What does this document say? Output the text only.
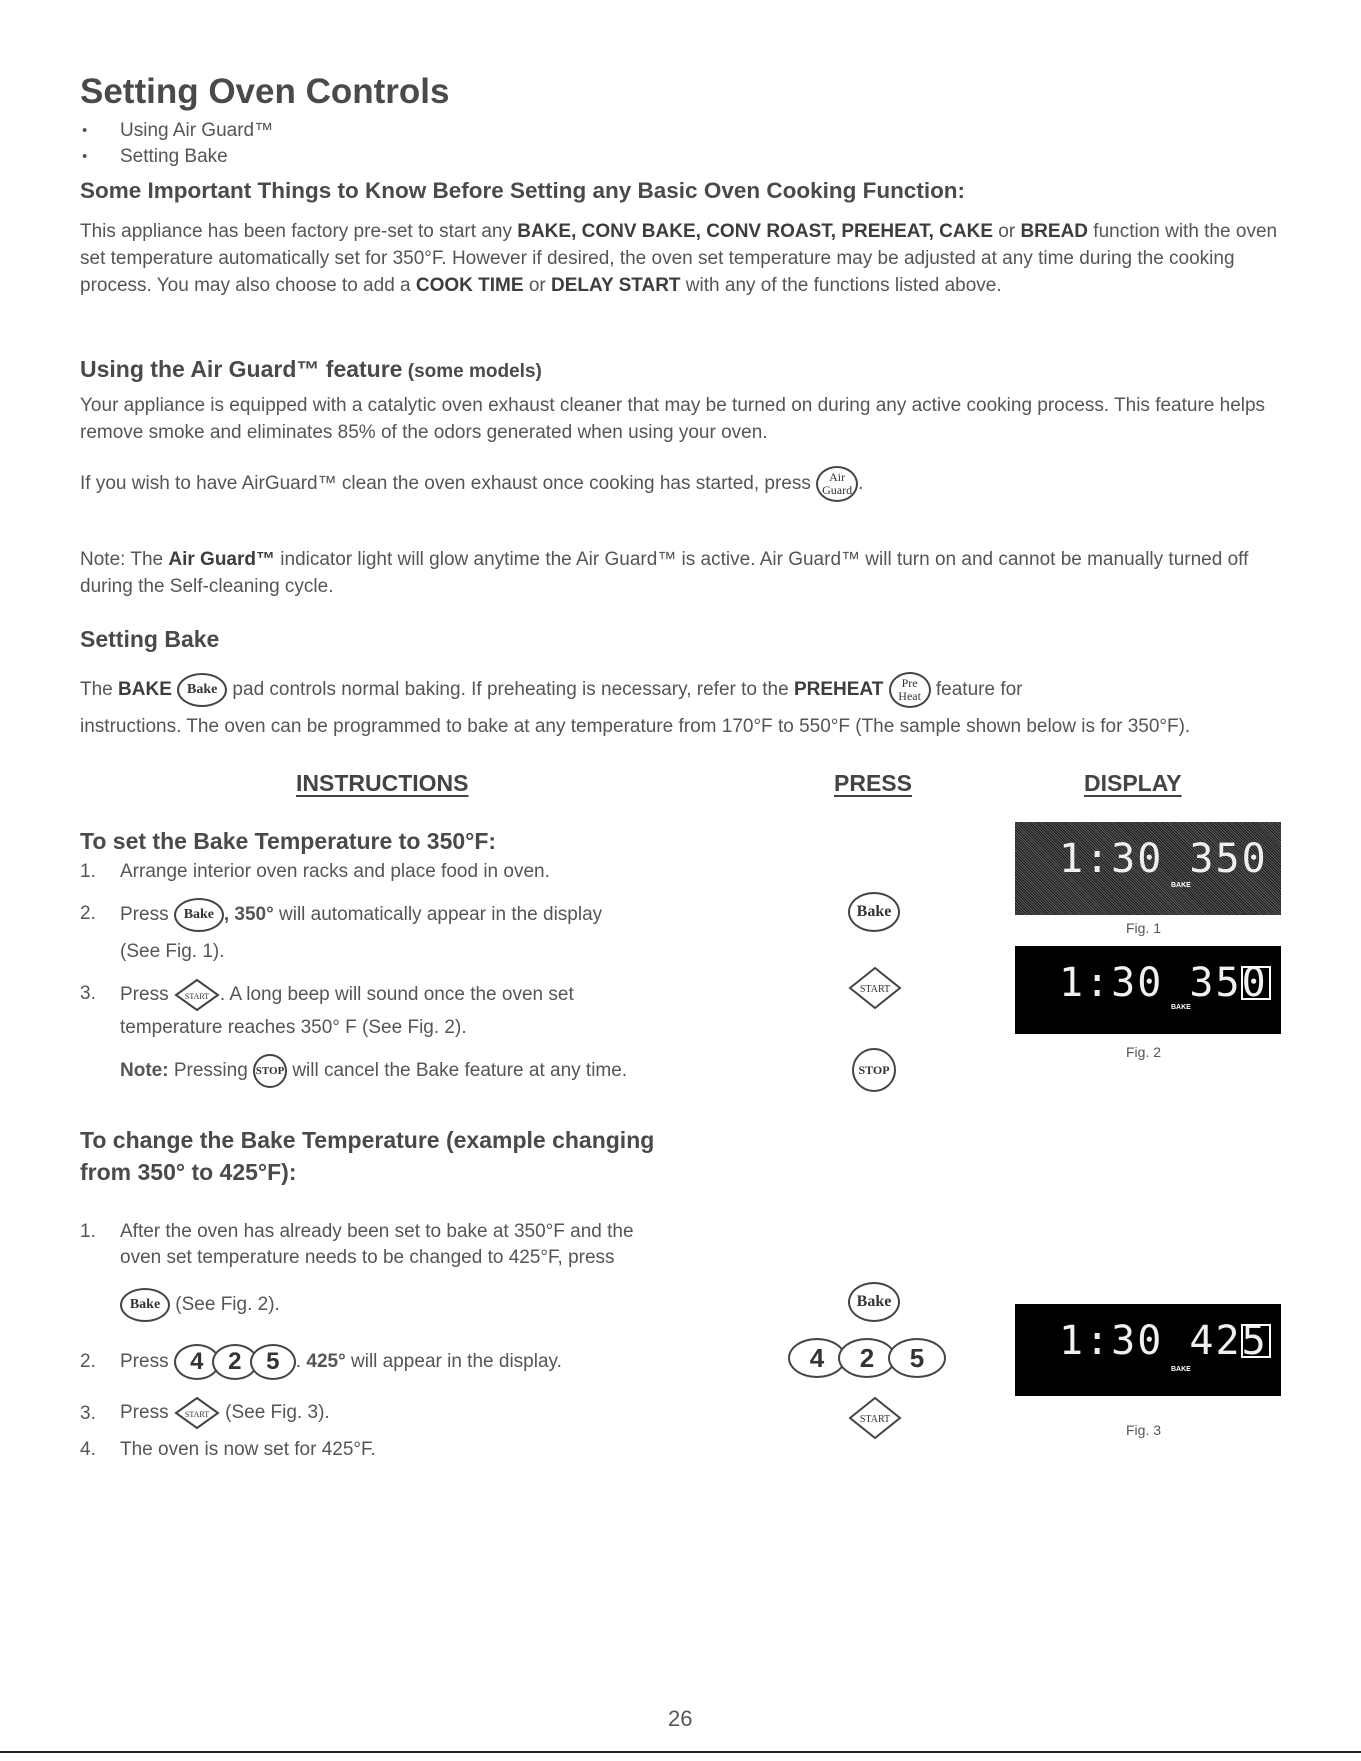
Setting Oven Controls
• Using Air Guard™
• Setting Bake
Some Important Things to Know Before Setting any Basic Oven Cooking Function:
This appliance has been factory pre-set to start any BAKE, CONV BAKE, CONV ROAST, PREHEAT, CAKE or BREAD function with the oven set temperature automatically set for 350°F. However if desired, the oven set temperature may be adjusted at any time during the cooking process. You may also choose to add a COOK TIME or DELAY START with any of the functions listed above.
Using the Air Guard™ feature (some models)
Your appliance is equipped with a catalytic oven exhaust cleaner that may be turned on during any active cooking process. This feature helps remove smoke and eliminates 85% of the odors generated when using your oven.
If you wish to have AirGuard™ clean the oven exhaust once cooking has started, press Air
Guard .
Note: The Air Guard™ indicator light will glow anytime the Air Guard™ is active. Air Guard™ will turn on and cannot be manually turned off during the Self-cleaning cycle.
Setting Bake
The BAKE Bake pad controls normal baking. If preheating is necessary, refer to the PREHEAT Pre
Heat feature for
instructions. The oven can be programmed to bake at any temperature from 170°F to 550°F (The sample shown below is for 350°F).
INSTRUCTIONS	PRESS	DISPLAY
To set the Bake Temperature to 350°F:
1. Arrange interior oven racks and place food in oven.
2. Press Bake , 350° will automatically appear in the display
(See Fig. 1).
3. Press START . A long beep will sound once the oven set
temperature reaches 350° F (See Fig. 2).
Note: Pressing STOP will cancel the Bake feature at any time.
Bake
START
STOP
1:30 350
BAKE
Fig. 1
1:30 350
BAKE
Fig. 2
To change the Bake Temperature (example changing
from 350° to 425°F):
1. After the oven has already been set to bake at 350°F and the
oven set temperature needs to be changed to 425°F, press
Bake (See Fig. 2).
2. Press 4 2 5 . 425° will appear in the display.
3. Press START (See Fig. 3).
4. The oven is now set for 425°F.
Bake
4 2 5
START
1:30 425
BAKE
Fig. 3
26
